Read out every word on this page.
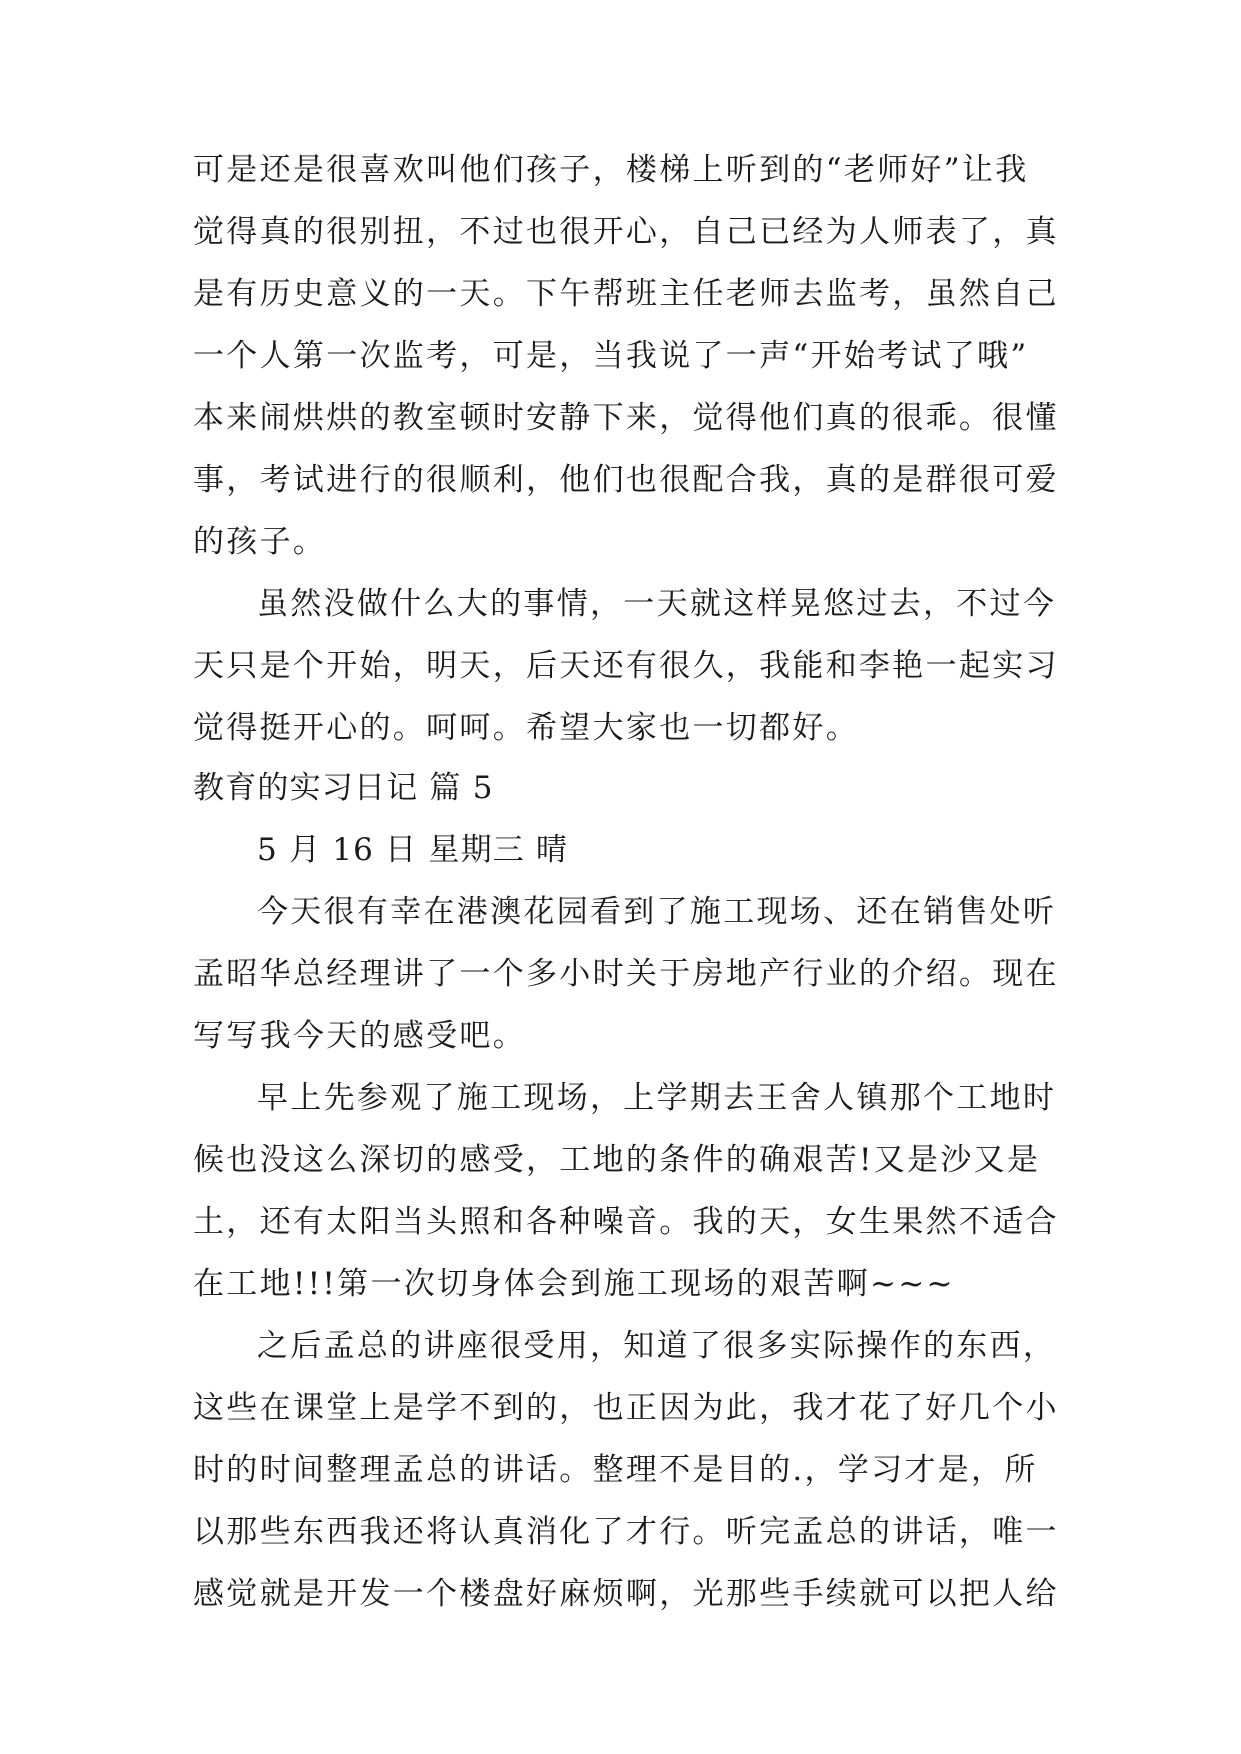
可是还是很喜欢叫他们孩子，楼梯上听到的“老师好”让我

觉得真的很别扭，不过也很开心，自己已经为人师表了，真

是有历史意义的一天。下午帮班主任老师去监考，虽然自己

一个人第一次监考，可是，当我说了一声“开始考试了哦”

本来闹烘烘的教室顿时安静下来，觉得他们真的很乖。很懂

事，考试进行的很顺利，他们也很配合我，真的是群很可爱

的孩子。

虽然没做什么大的事情，一天就这样晃悠过去，不过今

天只是个开始，明天，后天还有很久，我能和李艳一起实习

觉得挺开心的。呵呵。希望大家也一切都好。

教育的实习日记 篇 5

5 月 16 日 星期三 晴

今天很有幸在港澳花园看到了施工现场、还在销售处听

孟昭华总经理讲了一个多小时关于房地产行业的介绍。现在

写写我今天的感受吧。

早上先参观了施工现场，上学期去王舍人镇那个工地时

候也没这么深切的感受，工地的条件的确艰苦!又是沙又是

土，还有太阳当头照和各种噪音。我的天，女生果然不适合

在工地!!!第一次切身体会到施工现场的艰苦啊~~~

之后孟总的讲座很受用，知道了很多实际操作的东西，

这些在课堂上是学不到的，也正因为此，我才花了好几个小

时的时间整理孟总的讲话。整理不是目的.，学习才是，所

以那些东西我还将认真消化了才行。听完孟总的讲话，唯一

感觉就是开发一个楼盘好麻烦啊，光那些手续就可以把人给
